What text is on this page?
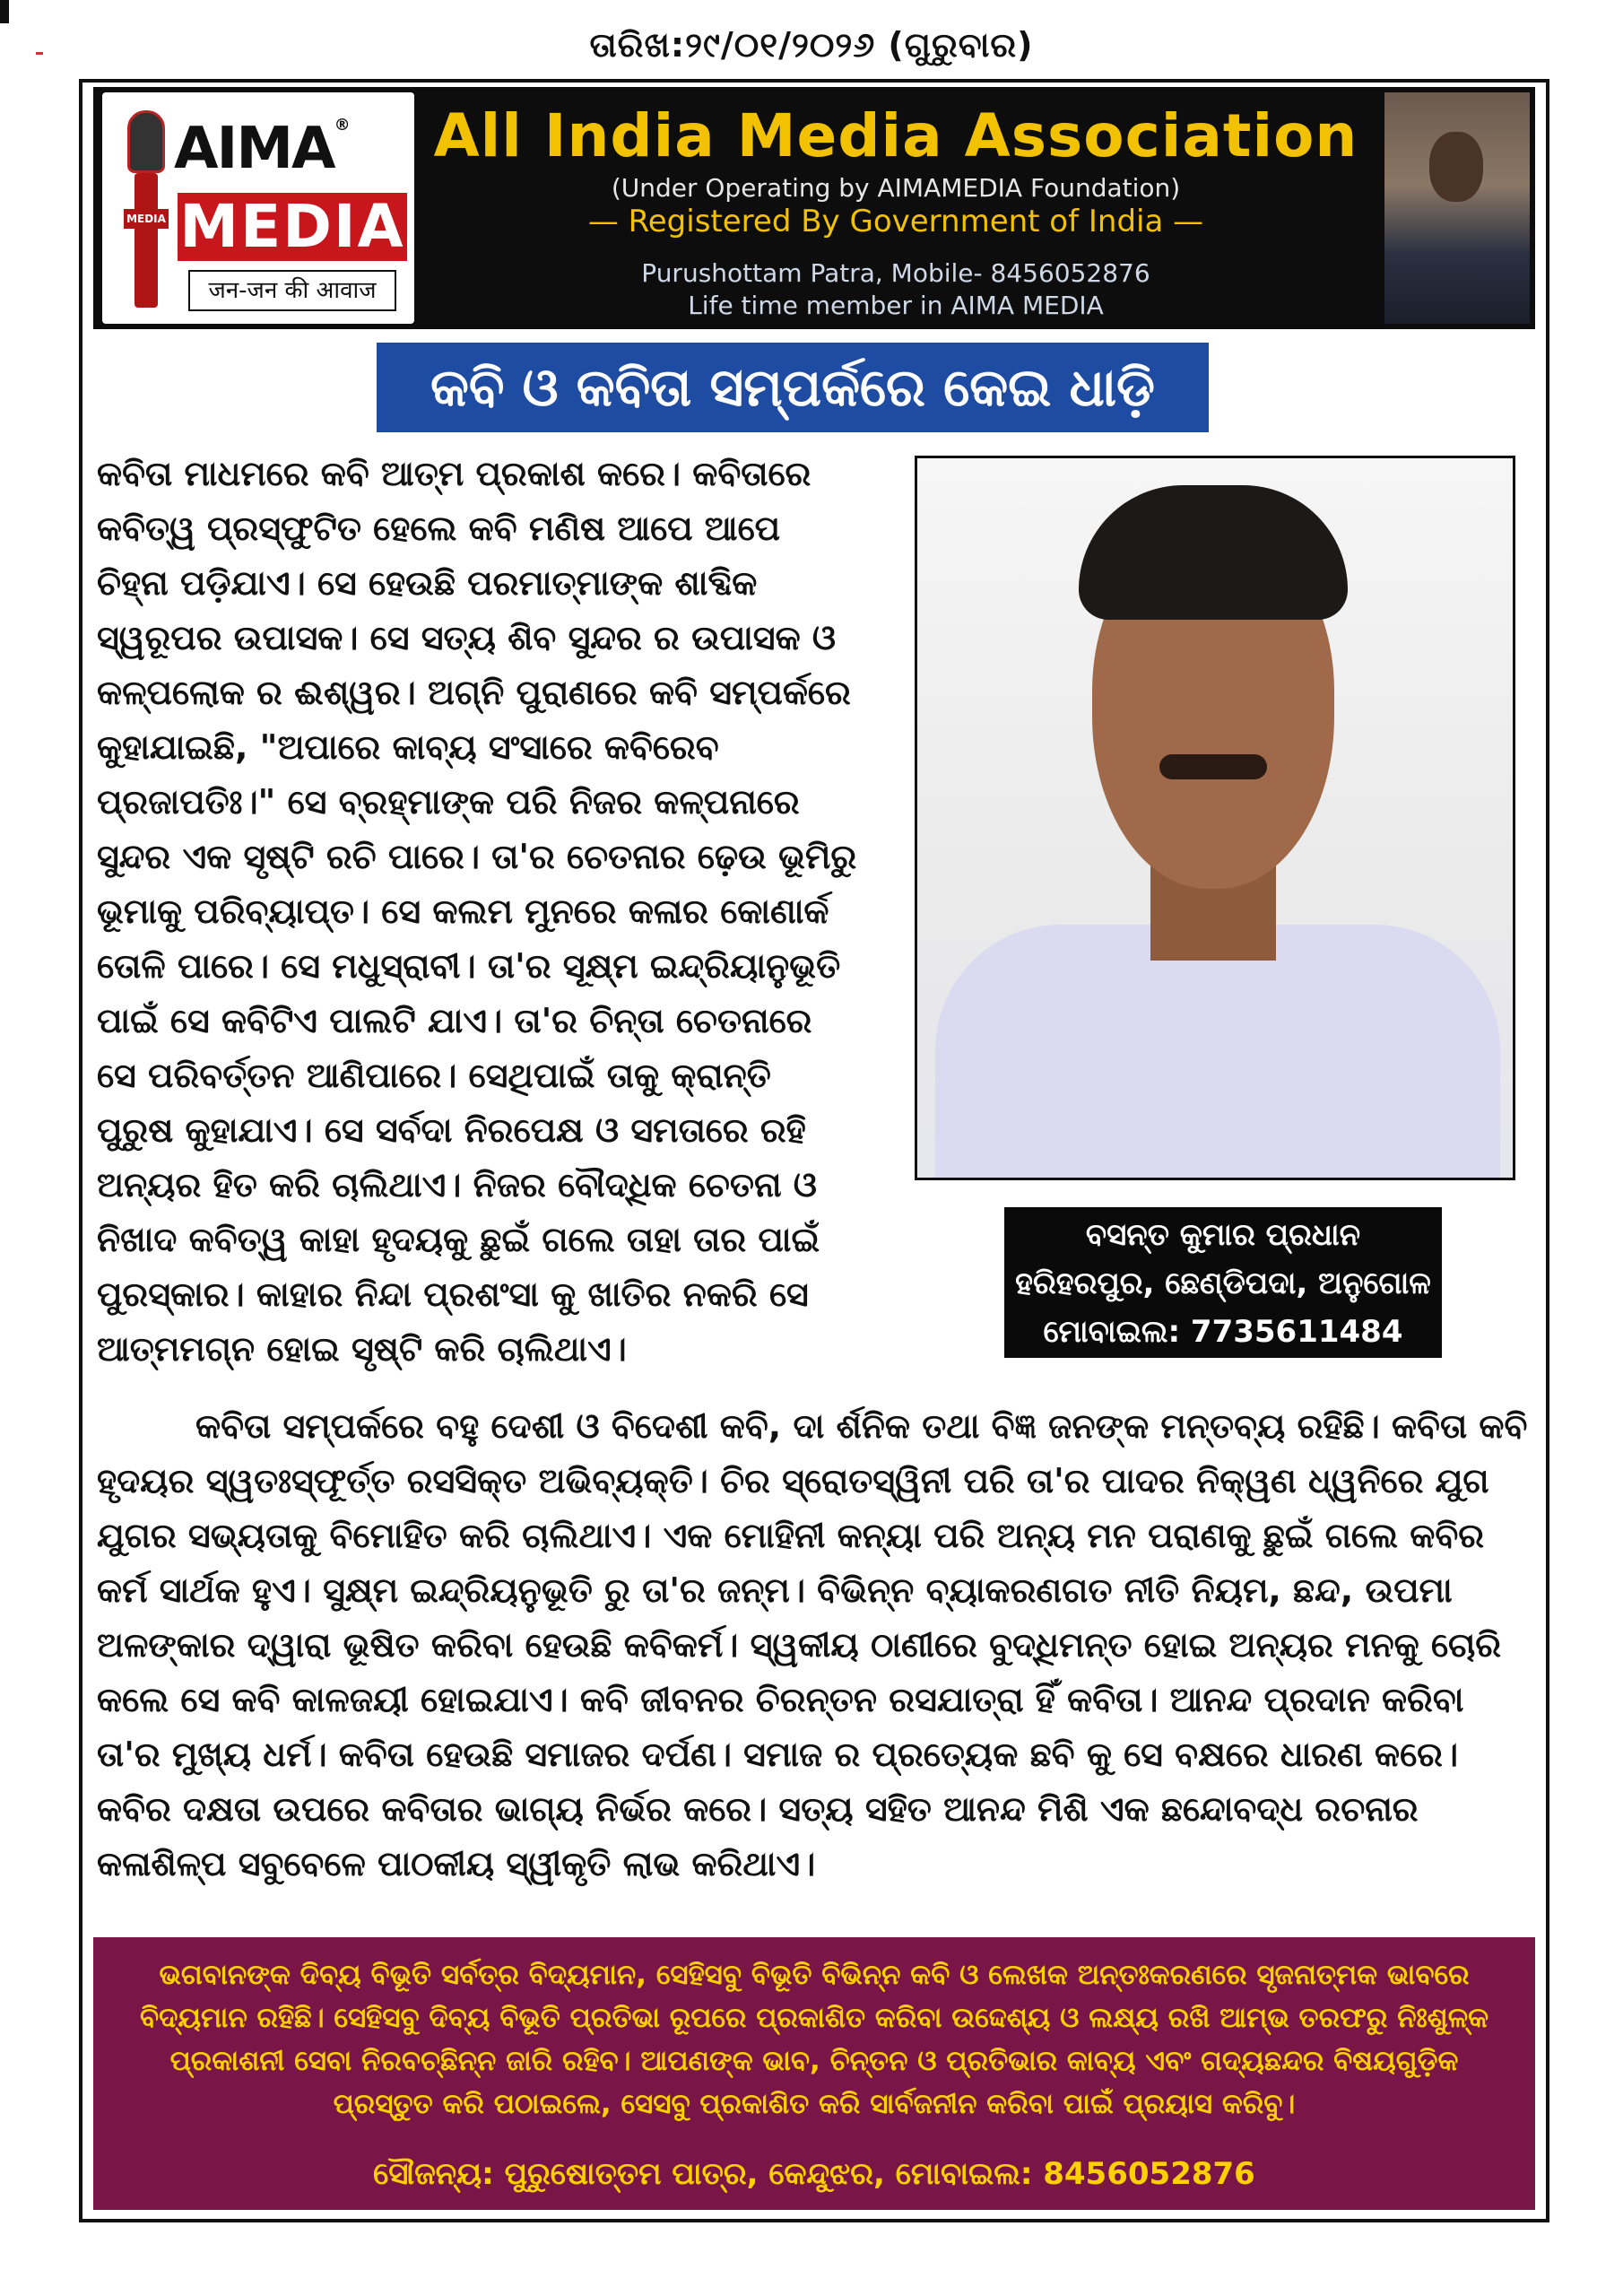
ତାରିଖ:୨୯/୦୧/୨୦୨୬ (ଗୁରୁବାର)
MEDIA
AIMA®
MEDIA
जन-जन की आवाज
All India Media Association
(Under Operating by AIMAMEDIA Foundation)
— Registered By Government of India —
Purushottam Patra, Mobile- 8456052876
Life time member in AIMA MEDIA
କବି ଓ କବିତା ସମ୍ପର୍କରେ କେଇ ଧାଡ଼ି
କବିତା ମାଧମରେ କବି ଆତ୍ମ ପ୍ରକାଶ କରେ। କବିତାରେ କବିତ୍ୱ ପ୍ରସ୍ଫୁଟିତ ହେଲେ କବି ମଣିଷ ଆପେ ଆପେ ଚିହ୍ନା ପଡ଼ିଯାଏ। ସେ ହେଉଛି ପରମାତ୍ମାଙ୍କ ଶାବ୍ଦିକ ସ୍ୱରୂପର ଉପାସକ। ସେ ସତ୍ୟ ଶିବ ସୁନ୍ଦର ର ଉପାସକ ଓ କଳ୍ପଲୋକ ର ଈଶ୍ୱର। ଅଗ୍ନି ପୁରାଣରେ କବି ସମ୍ପର୍କରେ କୁହାଯାଇଛି, "ଅପାରେ କାବ୍ୟ ସଂସାରେ କବିରେବ ପ୍ରଜାପତିଃ।" ସେ ବ୍ରହ୍ମାଙ୍କ ପରି ନିଜର କଳ୍ପନାରେ ସୁନ୍ଦର ଏକ ସୃଷ୍ଟି ରଚି ପାରେ। ତା'ର ଚେତନାର ଢ଼େଉ ଭୂମିରୁ ଭୂମାକୁ ପରିବ୍ୟାପ୍ତ। ସେ କଲମ ମୁନରେ କଳାର କୋଣାର୍କ ତୋଳି ପାରେ। ସେ ମଧୁସ୍ରାବୀ। ତା'ର ସୂକ୍ଷ୍ମ ଇନ୍ଦ୍ରିୟାନୁଭୂତି ପାଇଁ ସେ କବିଟିଏ ପାଲଟି ଯାଏ। ତା'ର ଚିନ୍ତା ଚେତନାରେ ସେ ପରିବର୍ତ୍ତନ ଆଣିପାରେ। ସେଥିପାଇଁ ତାକୁ କ୍ରାନ୍ତି ପୁରୁଷ କୁହାଯାଏ। ସେ ସର୍ବଦା ନିରପେକ୍ଷ ଓ ସମତାରେ ରହି ଅନ୍ୟର ହିତ କରି ଚାଲିଥାଏ। ନିଜର ବୌଦ୍ଧିକ ଚେତନା ଓ ନିଖାଦ କବିତ୍ୱ କାହା ହୃଦୟକୁ ଛୁଇଁ ଗଲେ ତାହା ତାର ପାଇଁ ପୁରସ୍କାର। କାହାର ନିନ୍ଦା ପ୍ରଶଂସା କୁ ଖାତିର ନକରି ସେ ଆତ୍ମମଗ୍ନ ହୋଇ ସୃଷ୍ଟି କରି ଚାଲିଥାଏ।
ବସନ୍ତ କୁମାର ପ୍ରଧାନ
ହରିହରପୁର, ଛେଣ୍ଡିପଦା, ଅନୁଗୋଳ
ମୋବାଇଲ: 7735611484
କବିତା ସମ୍ପର୍କରେ ବହୁ ଦେଶୀ ଓ ବିଦେଶୀ କବି, ଦା ର୍ଶନିକ ତଥା ବିଜ୍ଞ ଜନଙ୍କ ମନ୍ତବ୍ୟ ରହିଛି। କବିତା କବି ହୃଦୟର ସ୍ୱତଃସ୍ଫୂର୍ତ୍ତ ରସସିକ୍ତ ଅଭିବ୍ୟକ୍ତି। ଚିର ସ୍ରୋତସ୍ୱିନୀ ପରି ତା'ର ପାଦର ନିକ୍ୱଣ ଧ୍ୱନିରେ ଯୁଗ ଯୁଗର ସଭ୍ୟତାକୁ ବିମୋହିତ କରି ଚାଲିଥାଏ। ଏକ ମୋହିନୀ କନ୍ୟା ପରି ଅନ୍ୟ ମନ ପରାଣକୁ ଛୁଇଁ ଗଲେ କବିର କର୍ମ ସାର୍ଥକ ହୁଏ। ସୁକ୍ଷ୍ମ ଇନ୍ଦ୍ରିୟନୁଭୂତି ରୁ ତା'ର ଜନ୍ମ। ବିଭିନ୍ନ ବ୍ୟାକରଣଗତ ନୀତି ନିୟମ, ଛନ୍ଦ, ଉପମା ଅଳଙ୍କାର ଦ୍ୱାରା ଭୂଷିତ କରିବା ହେଉଛି କବିକର୍ମ। ସ୍ୱକୀୟ ଠାଣୀରେ ବୁଦ୍ଧିମନ୍ତ ହୋଇ ଅନ୍ୟର ମନକୁ ଚୋରି କଲେ ସେ କବି କାଳଜୟୀ ହୋଇଯାଏ। କବି ଜୀବନର ଚିରନ୍ତନ ରସଯାତ୍ରା ହିଁ କବିତା। ଆନନ୍ଦ ପ୍ରଦାନ କରିବା ତା'ର ମୁଖ୍ୟ ଧର୍ମ। କବିତା ହେଉଛି ସମାଜର ଦର୍ପଣ। ସମାଜ ର ପ୍ରତ୍ୟେକ ଛବି କୁ ସେ ବକ୍ଷରେ ଧାରଣ କରେ। କବିର ଦକ୍ଷତା ଉପରେ କବିତାର ଭାଗ୍ୟ ନିର୍ଭର କରେ। ସତ୍ୟ ସହିତ ଆନନ୍ଦ ମିଶି ଏକ ଛନ୍ଦୋବଦ୍ଧ ରଚନାର କଳାଶିଳ୍ପ ସବୁବେଳେ ପାଠକୀୟ ସ୍ୱୀକୃତି ଲାଭ କରିଥାଏ।
ଭଗବାନଙ୍କ ଦିବ୍ୟ ବିଭୂତି ସର୍ବତ୍ର ବିଦ୍ୟମାନ, ସେହିସବୁ ବିଭୂତି ବିଭିନ୍ନ କବି ଓ ଲେଖକ ଅନ୍ତଃକରଣରେ ସୃଜନାତ୍ମକ ଭାବରେ ବିଦ୍ୟମାନ ରହିଛି। ସେହିସବୁ ଦିବ୍ୟ ବିଭୂତି ପ୍ରତିଭା ରୂପରେ ପ୍ରକାଶିତ କରିବା ଉଦ୍ଦେଶ୍ୟ ଓ ଲକ୍ଷ୍ୟ ରଖି ଆମ୍ଭ ତରଫରୁ ନିଃଶୁଳ୍କ ପ୍ରକାଶନୀ ସେବା ନିରବଚ୍ଛିନ୍ନ ଜାରି ରହିବ। ଆପଣଙ୍କ ଭାବ, ଚିନ୍ତନ ଓ ପ୍ରତିଭାର କାବ୍ୟ ଏବଂ ଗଦ୍ୟଛନ୍ଦର ବିଷୟଗୁଡ଼ିକ ପ୍ରସ୍ତୁତ କରି ପଠାଇଲେ, ସେସବୁ ପ୍ରକାଶିତ କରି ସାର୍ବଜନୀନ କରିବା ପାଇଁ ପ୍ରୟାସ କରିବୁ।
ସୌଜନ୍ୟ: ପୁରୁଷୋତ୍ତମ ପାତ୍ର, କେନ୍ଦୁଝର, ମୋବାଇଲ: 8456052876
